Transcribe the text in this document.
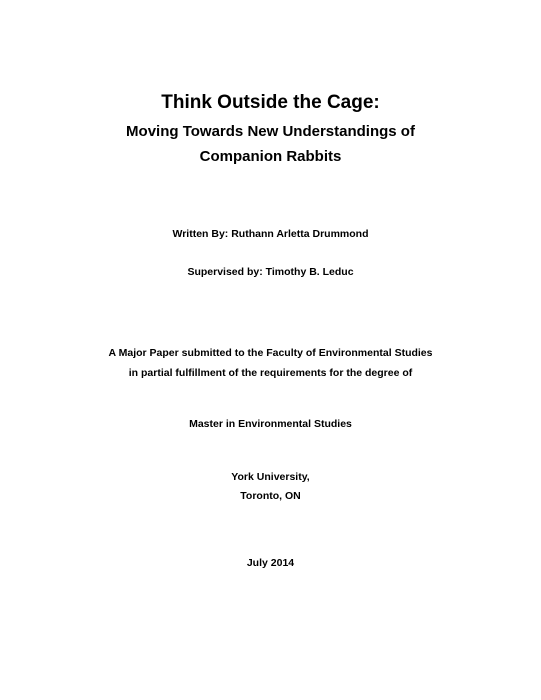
Think Outside the Cage:
Moving Towards New Understandings of
Companion Rabbits
Written By: Ruthann Arletta Drummond
Supervised by: Timothy B. Leduc
A Major Paper submitted to the Faculty of Environmental Studies
in partial fulfillment of the requirements for the degree of
Master in Environmental Studies
York University,
Toronto, ON
July 2014
